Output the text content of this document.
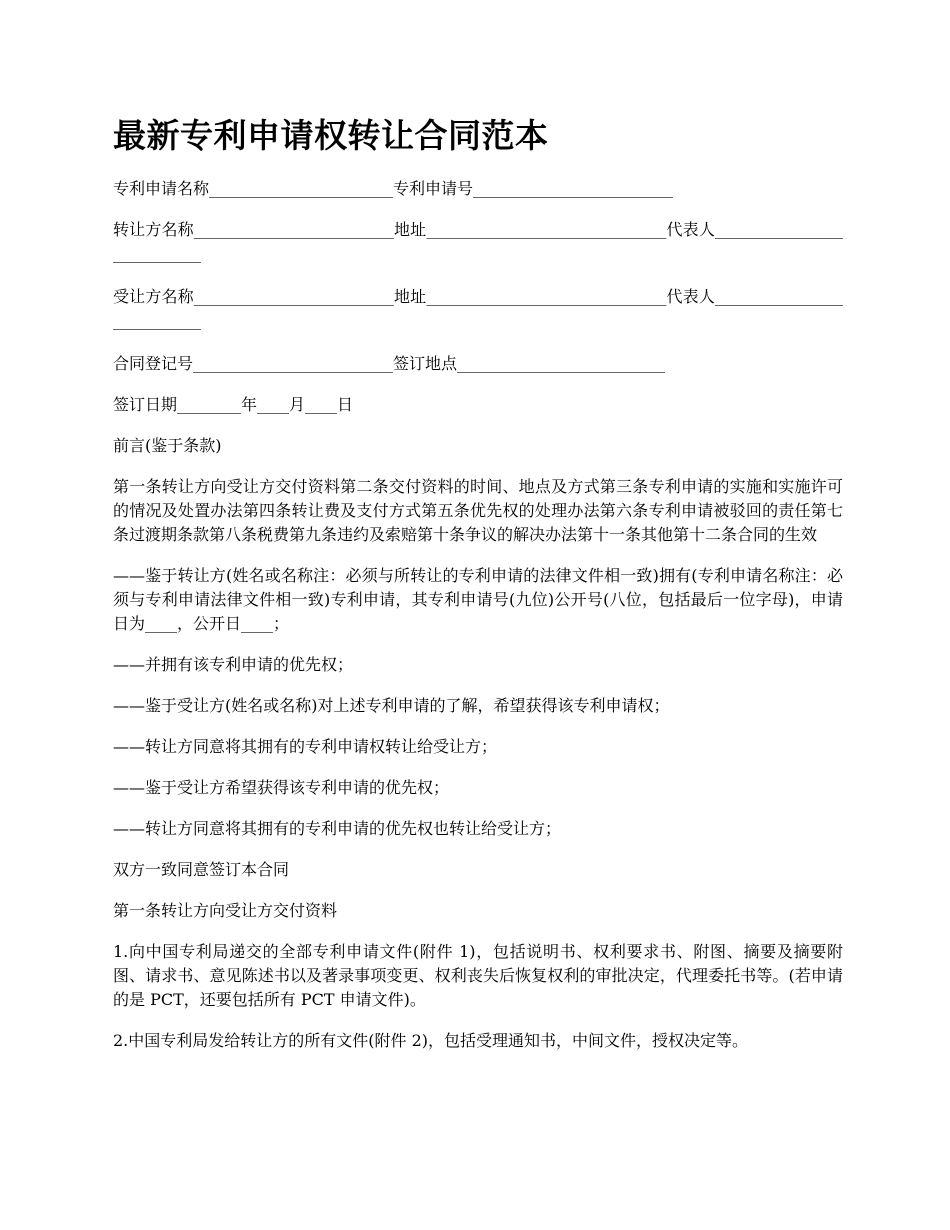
最新专利申请权转让合同范本

专利申请名称_______________________专利申请号_________________________

转让方名称_________________________地址______________________________代表人___________________________

受让方名称_________________________地址______________________________代表人___________________________

合同登记号_________________________签订地点__________________________

签订日期________年____月____日

前言(鉴于条款)

第一条转让方向受让方交付资料第二条交付资料的时间、地点及方式第三条专利申请的实施和实施许可的情况及处置办法第四条转让费及支付方式第五条优先权的处理办法第六条专利申请被驳回的责任第七条过渡期条款第八条税费第九条违约及索赔第十条争议的解决办法第十一条其他第十二条合同的生效

——鉴于转让方(姓名或名称注：必须与所转让的专利申请的法律文件相一致)拥有(专利申请名称注：必须与专利申请法律文件相一致)专利申请，其专利申请号(九位)公开号(八位，包括最后一位字母)，申请日为____，公开日____；

——并拥有该专利申请的优先权；

——鉴于受让方(姓名或名称)对上述专利申请的了解，希望获得该专利申请权；

——转让方同意将其拥有的专利申请权转让给受让方；

——鉴于受让方希望获得该专利申请的优先权；

——转让方同意将其拥有的专利申请的优先权也转让给受让方；

双方一致同意签订本合同

第一条转让方向受让方交付资料

1.向中国专利局递交的全部专利申请文件(附件 1)，包括说明书、权利要求书、附图、摘要及摘要附图、请求书、意见陈述书以及著录事项变更、权利丧失后恢复权利的审批决定，代理委托书等。(若申请的是 PCT，还要包括所有 PCT 申请文件)。

2.中国专利局发给转让方的所有文件(附件 2)，包括受理通知书，中间文件，授权决定等。
